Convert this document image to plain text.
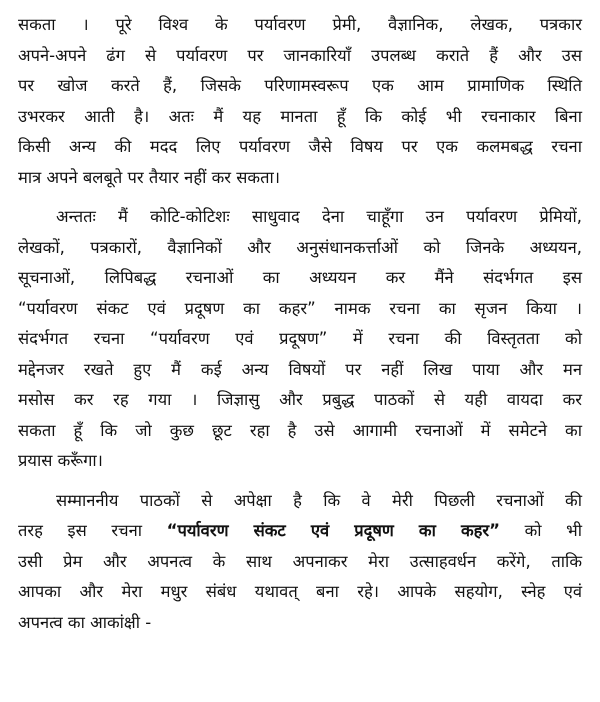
सकता । पूरे विश्व के पर्यावरण प्रेमी, वैज्ञानिक, लेखक, पत्रकार
अपने-अपने ढंग से पर्यावरण पर जानकारियाँ उपलब्ध कराते हैं और उस
पर खोज करते हैं, जिसके परिणामस्वरूप एक आम प्रामाणिक स्थिति
उभरकर आती है। अतः मैं यह मानता हूँ कि कोई भी रचनाकार बिना
किसी अन्य की मदद लिए पर्यावरण जैसे विषय पर एक कलमबद्ध रचना
मात्र अपने बलबूते पर तैयार नहीं कर सकता।
अन्ततः मैं कोटि-कोटिशः साधुवाद देना चाहूँगा उन पर्यावरण प्रेमियों,
लेखकों, पत्रकारों, वैज्ञानिकों और अनुसंधानकर्त्ताओं को जिनके अध्ययन,
सूचनाओं, लिपिबद्ध रचनाओं का अध्ययन कर मैंने संदर्भगत इस
“पर्यावरण संकट एवं प्रदूषण का कहर” नामक रचना का सृजन किया ।
संदर्भगत रचना “पर्यावरण एवं प्रदूषण” में रचना की विस्तृतता को
मद्देनजर रखते हुए मैं कई अन्य विषयों पर नहीं लिख पाया और मन
मसोस कर रह गया । जिज्ञासु और प्रबुद्ध पाठकों से यही वायदा कर
सकता हूँ कि जो कुछ छूट रहा है उसे आगामी रचनाओं में समेटने का
प्रयास करूँगा।
सम्माननीय पाठकों से अपेक्षा है कि वे मेरी पिछली रचनाओं की
तरह इस रचना “पर्यावरण संकट एवं प्रदूषण का कहर” को भी
उसी प्रेम और अपनत्व के साथ अपनाकर मेरा उत्साहवर्धन करेंगे, ताकि
आपका और मेरा मधुर संबंध यथावत् बना रहे। आपके सहयोग, स्नेह एवं
अपनत्व का आकांक्षी -
